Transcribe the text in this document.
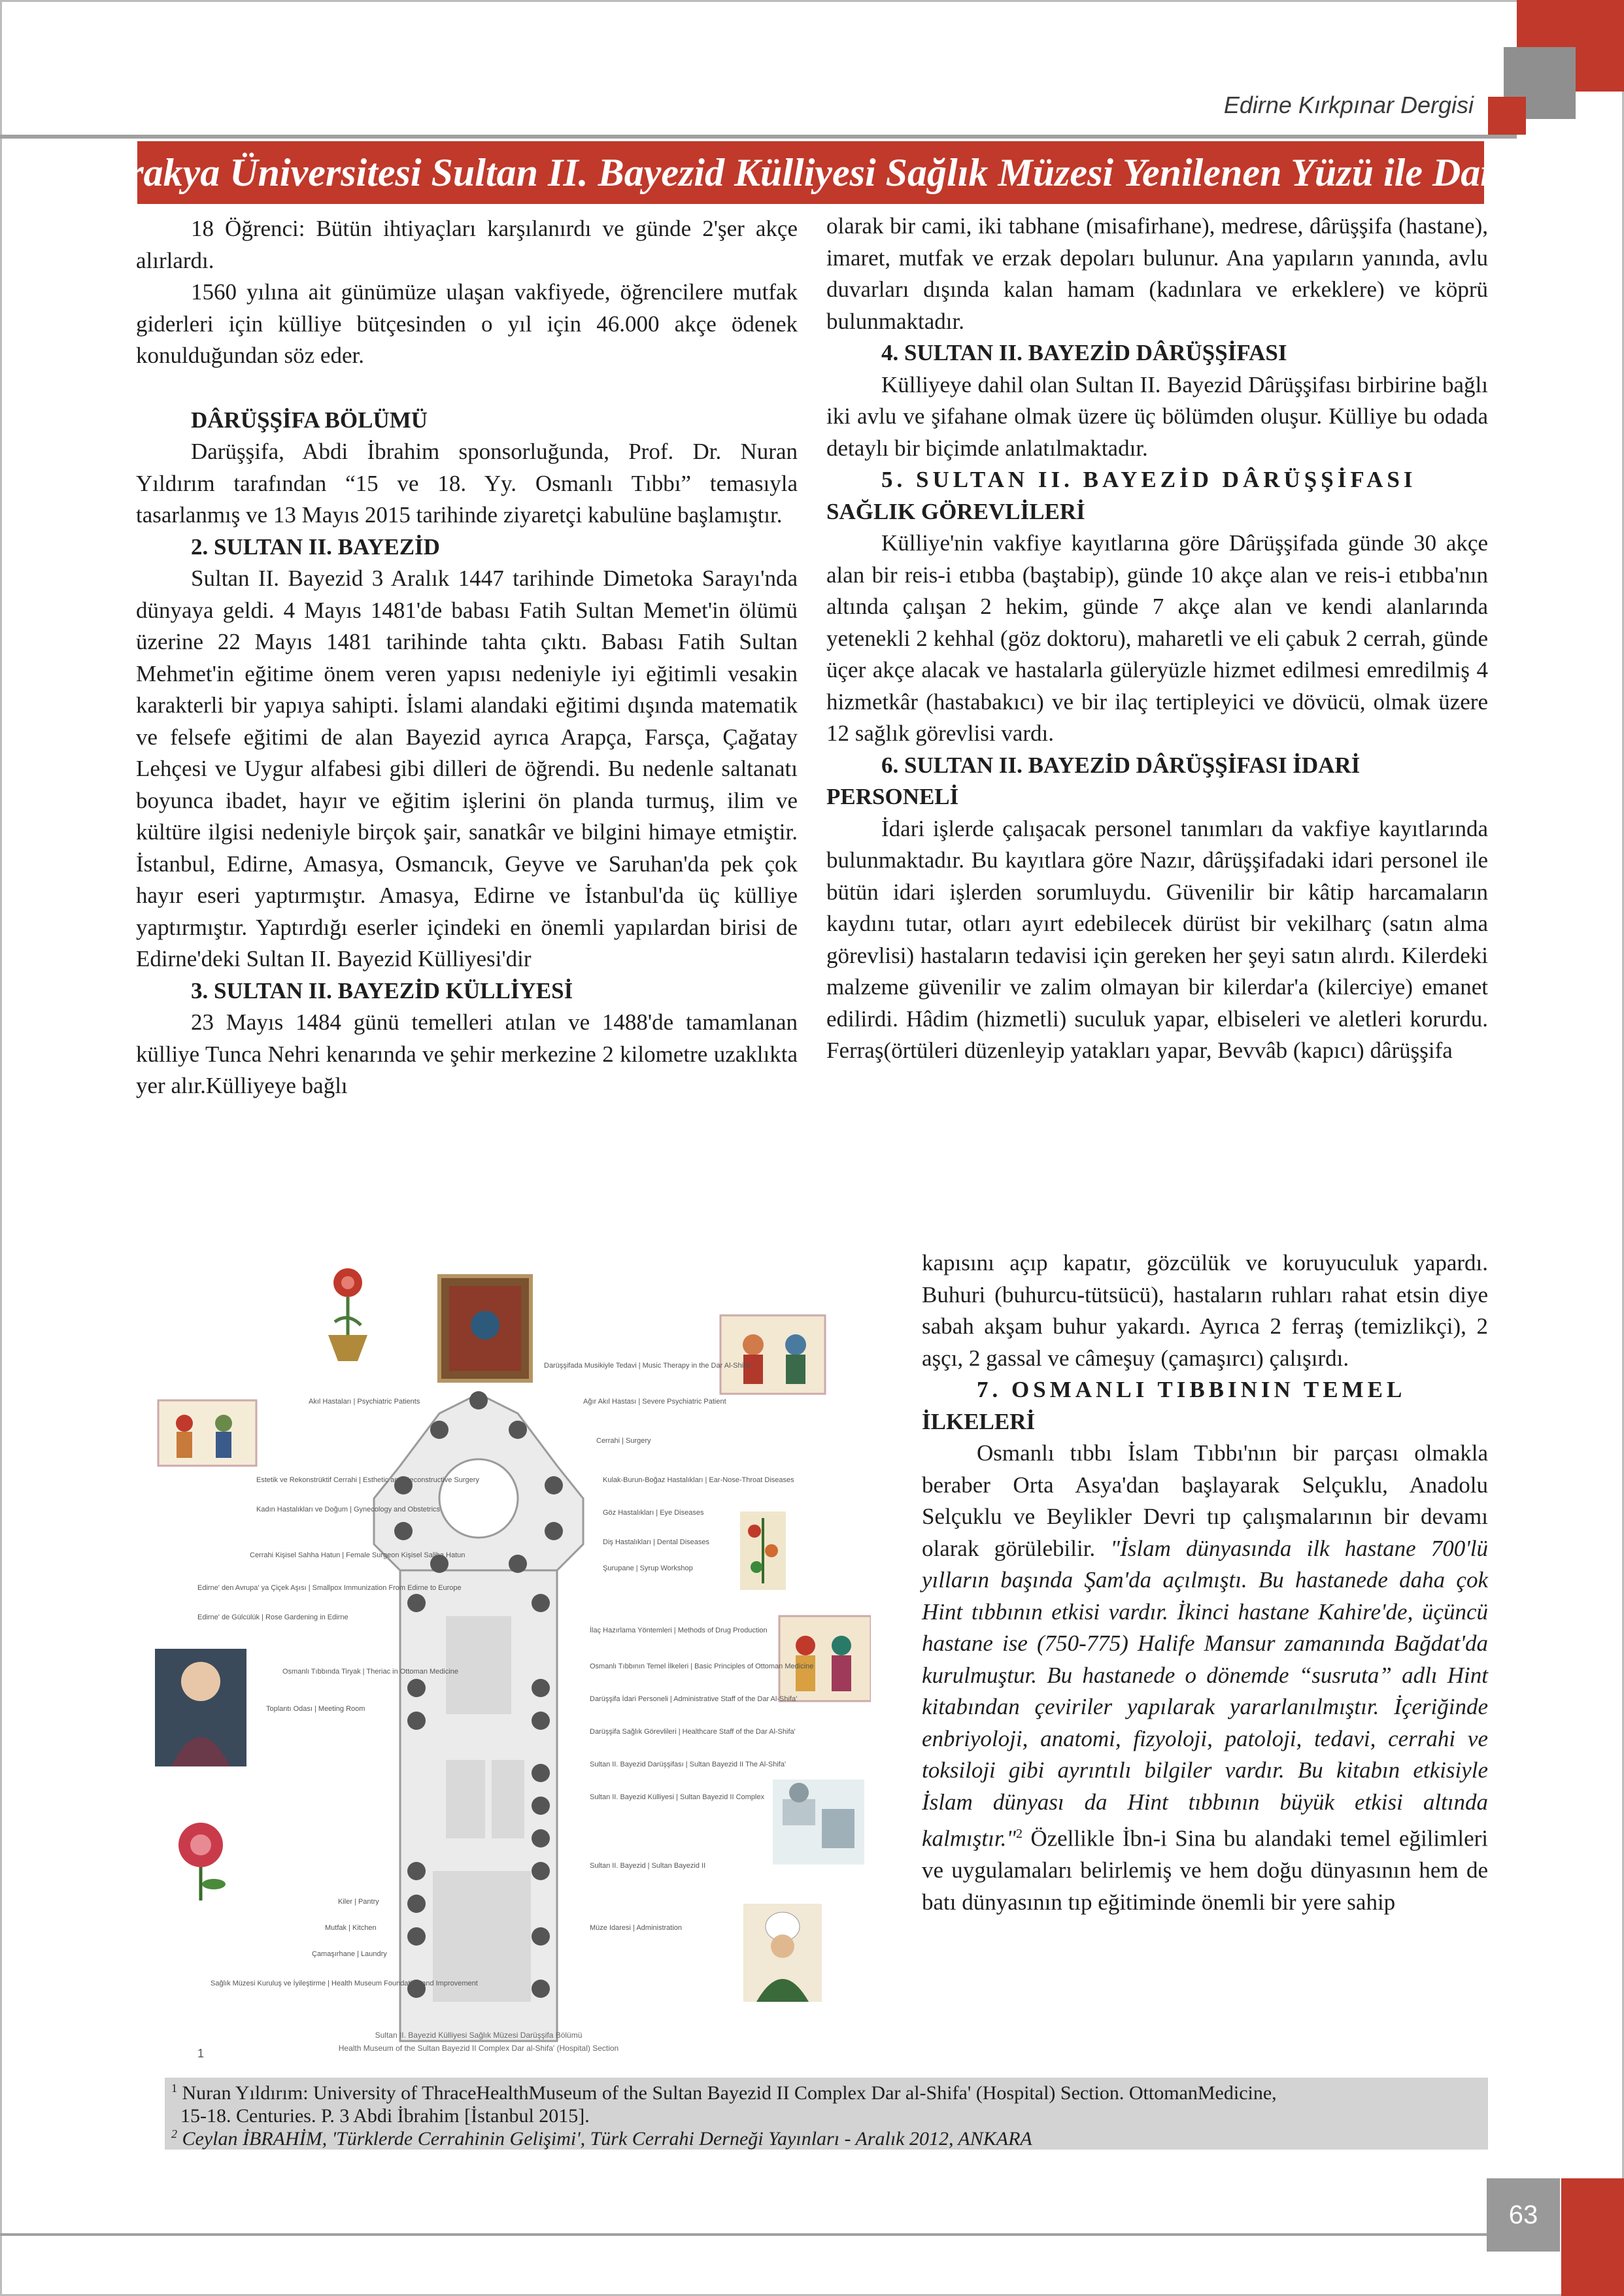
Edirne Kırkpınar Dergisi
T.C. Trakya Üniversitesi Sultan II. Bayezid Külliyesi Sağlık Müzesi Yenilenen Yüzü ile Darüşşifa

18 Öğrenci: Bütün ihtiyaçları karşılanırdı ve günde 2'şer akçe alırlardı.

1560 yılına ait günümüze ulaşan vakfiyede, öğrencilere mutfak giderleri için külliye bütçesinden o yıl için 46.000 akçe ödenek konulduğundan söz eder.

DÂRÜŞŞİFA BÖLÜMÜ

Darüşşifa, Abdi İbrahim sponsorluğunda, Prof. Dr. Nuran Yıldırım tarafından “15 ve 18. Yy. Osmanlı Tıbbı” temasıyla tasarlanmış ve 13 Mayıs 2015 tarihinde ziyaretçi kabulüne başlamıştır.

2. SULTAN II. BAYEZİD

Sultan II. Bayezid 3 Aralık 1447 tarihinde Dimetoka Sarayı'nda dünyaya geldi. 4 Mayıs 1481'de babası Fatih Sultan Memet'in ölümü üzerine 22 Mayıs 1481 tarihinde tahta çıktı. Babası Fatih Sultan Mehmet'in eğitime önem veren yapısı nedeniyle iyi eğitimli vesakin karakterli bir yapıya sahipti. İslami alandaki eğitimi dışında matematik ve felsefe eğitimi de alan Bayezid ayrıca Arapça, Farsça, Çağatay Lehçesi ve Uygur alfabesi gibi dilleri de öğrendi. Bu nedenle saltanatı boyunca ibadet, hayır ve eğitim işlerini ön planda turmuş, ilim ve kültüre ilgisi nedeniyle birçok şair, sanatkâr ve bilgini himaye etmiştir. İstanbul, Edirne, Amasya, Osmancık, Geyve ve Saruhan'da pek çok hayır eseri yaptırmıştır. Amasya, Edirne ve İstanbul'da üç külliye yaptırmıştır. Yaptırdığı eserler içindeki en önemli yapılardan birisi de Edirne'deki Sultan II. Bayezid Külliyesi'dir

3. SULTAN II. BAYEZİD KÜLLİYESİ

23 Mayıs 1484 günü temelleri atılan ve 1488'de tamamlanan külliye Tunca Nehri kenarında ve şehir merkezine 2 kilometre uzaklıkta yer alır.Külliyeye bağlı

olarak bir cami, iki tabhane (misafirhane), medrese, dârüşşifa (hastane), imaret, mutfak ve erzak depoları bulunur. Ana yapıların yanında, avlu duvarları dışında kalan hamam (kadınlara ve erkeklere) ve köprü bulunmaktadır.

4. SULTAN II. BAYEZİD DÂRÜŞŞİFASI

Külliyeye dahil olan Sultan II. Bayezid Dârüşşifası birbirine bağlı iki avlu ve şifahane olmak üzere üç bölümden oluşur. Külliye bu odada detaylı bir biçimde anlatılmaktadır.

5. SULTAN II. BAYEZİD DÂRÜŞŞİFASI
SAĞLIK GÖREVLİLERİ

Külliye'nin vakfiye kayıtlarına göre Dârüşşifada günde 30 akçe alan bir reis-i etıbba (baştabip), günde 10 akçe alan ve reis-i etıbba'nın altında çalışan 2 hekim, günde 7 akçe alan ve kendi alanlarında yetenekli 2 kehhal (göz doktoru), maharetli ve eli çabuk 2 cerrah, günde üçer akçe alacak ve hastalarla güleryüzle hizmet edilmesi emredilmiş 4 hizmetkâr (hastabakıcı) ve bir ilaç tertipleyici ve dövücü, olmak üzere 12 sağlık görevlisi vardı.

6. SULTAN II. BAYEZİD DÂRÜŞŞİFASI İDARİ
PERSONELİ

İdari işlerde çalışacak personel tanımları da vakfiye kayıtlarında bulunmaktadır. Bu kayıtlara göre Nazır, dârüşşifadaki idari personel ile bütün idari işlerden sorumluydu. Güvenilir bir kâtip harcamaların kaydını tutar, otları ayırt edebilecek dürüst bir vekilharç (satın alma görevlisi) hastaların tedavisi için gereken her şeyi satın alırdı. Kilerdeki malzeme güvenilir ve zalim olmayan bir kilerdar'a (kilerciye) emanet edilirdi. Hâdim (hizmetli) suculuk yapar, elbiseleri ve aletleri korurdu. Ferraş(örtüleri düzenleyip yatakları yapar, Bevvâb (kapıcı) dârüşşifa

kapısını açıp kapatır, gözcülük ve koruyuculuk yapardı. Buhuri (buhurcu-tütsücü), hastaların ruhları rahat etsin diye sabah akşam buhur yakardı. Ayrıca 2 ferraş (temizlikçi), 2 aşçı, 2 gassal ve câmeşuy (çamaşırcı) çalışırdı.

7. OSMANLI TIBBININ TEMEL
İLKELERİ

Osmanlı tıbbı İslam Tıbbı'nın bir parçası olmakla beraber Orta Asya'dan başlayarak Selçuklu, Anadolu Selçuklu ve Beylikler Devri tıp çalışmalarının bir devamı olarak görülebilir. "İslam dünyasında ilk hastane 700'lü yılların başında Şam'da açılmıştı. Bu hastanede daha çok Hint tıbbının etkisi vardır. İkinci hastane Kahire'de, üçüncü hastane ise (750-775) Halife Mansur zamanında Bağdat'da kurulmuştur. Bu hastanede o dönemde “susruta” adlı Hint kitabından çeviriler yapılarak yararlanılmıştır. İçeriğinde enbriyoloji, anatomi, fizyoloji, patoloji, tedavi, cerrahi ve toksiloji gibi ayrıntılı bilgiler vardır. Bu kitabın etkisiyle İslam dünyası da Hint tıbbının büyük etkisi altında kalmıştır."$^2$ Özellikle İbn-i Sina bu alandaki temel eğilimleri ve uygulamaları belirlemiş ve hem doğu dünyasının hem de batı dünyasının tıp eğitiminde önemli bir yere sahip

Akıl Hastaları | Psychiatric Patients
Estetik ve Rekonstrüktif Cerrahi | Esthetic and Reconstructive Surgery
Kadın Hastalıkları ve Doğum | Gynecology and Obstetrics
Cerrahi Kişisel Sahha Hatun | Female Surgeon Kişisel Saliha Hatun
Edirne' den Avrupa' ya Çiçek Aşısı | Smallpox Immunization From Edirne to Europe
Edirne' de Gülcülük | Rose Gardening in Edirne
Osmanlı Tıbbında Tiryak | Theriac in Ottoman Medicine
Toplantı Odası | Meeting Room
Kiler | Pantry
Mutfak | Kitchen
Çamaşırhane | Laundry
Sağlık Müzesi Kuruluş ve İyileştirme | Health Museum Foundation and Improvement
Darüşşifada Musikiyle Tedavi | Music Therapy in the Dar Al-Shifa'
Ağır Akıl Hastası | Severe Psychiatric Patient
Cerrahi | Surgery
Kulak-Burun-Boğaz Hastalıkları | Ear-Nose-Throat Diseases
Göz Hastalıkları | Eye Diseases
Diş Hastalıkları | Dental Diseases
Şurupane | Syrup Workshop
İlaç Hazırlama Yöntemleri | Methods of Drug Production
Osmanlı Tıbbının Temel İlkeleri | Basic Principles of Ottoman Medicine
Darüşşifa İdari Personeli | Administrative Staff of the Dar Al-Shifa'
Darüşşifa Sağlık Görevlileri | Healthcare Staff of the Dar Al-Shifa'
Sultan II. Bayezid Darüşşifası | Sultan Bayezid II The Al-Shifa'
Sultan II. Bayezid Külliyesi | Sultan Bayezid II Complex
Sultan II. Bayezid | Sultan Bayezid II
Müze Idaresi | Administration
1
Sultan II. Bayezid Külliyesi Sağlık Müzesi Darüşşifa Bölümü
Health Museum of the Sultan Bayezid II Complex Dar al-Shifa' (Hospital) Section
$^1$ Nuran Yıldırım: University of ThraceHealthMuseum of the Sultan Bayezid II Complex Dar al-Shifa' (Hospital) Section. OttomanMedicine,
15-18. Centuries. P. 3 Abdi İbrahim [İstanbul 2015].
$^2$ Ceylan İBRAHİM, 'Türklerde Cerrahinin Gelişimi', Türk Cerrahi Derneği Yayınları - Aralık 2012, ANKARA
63
